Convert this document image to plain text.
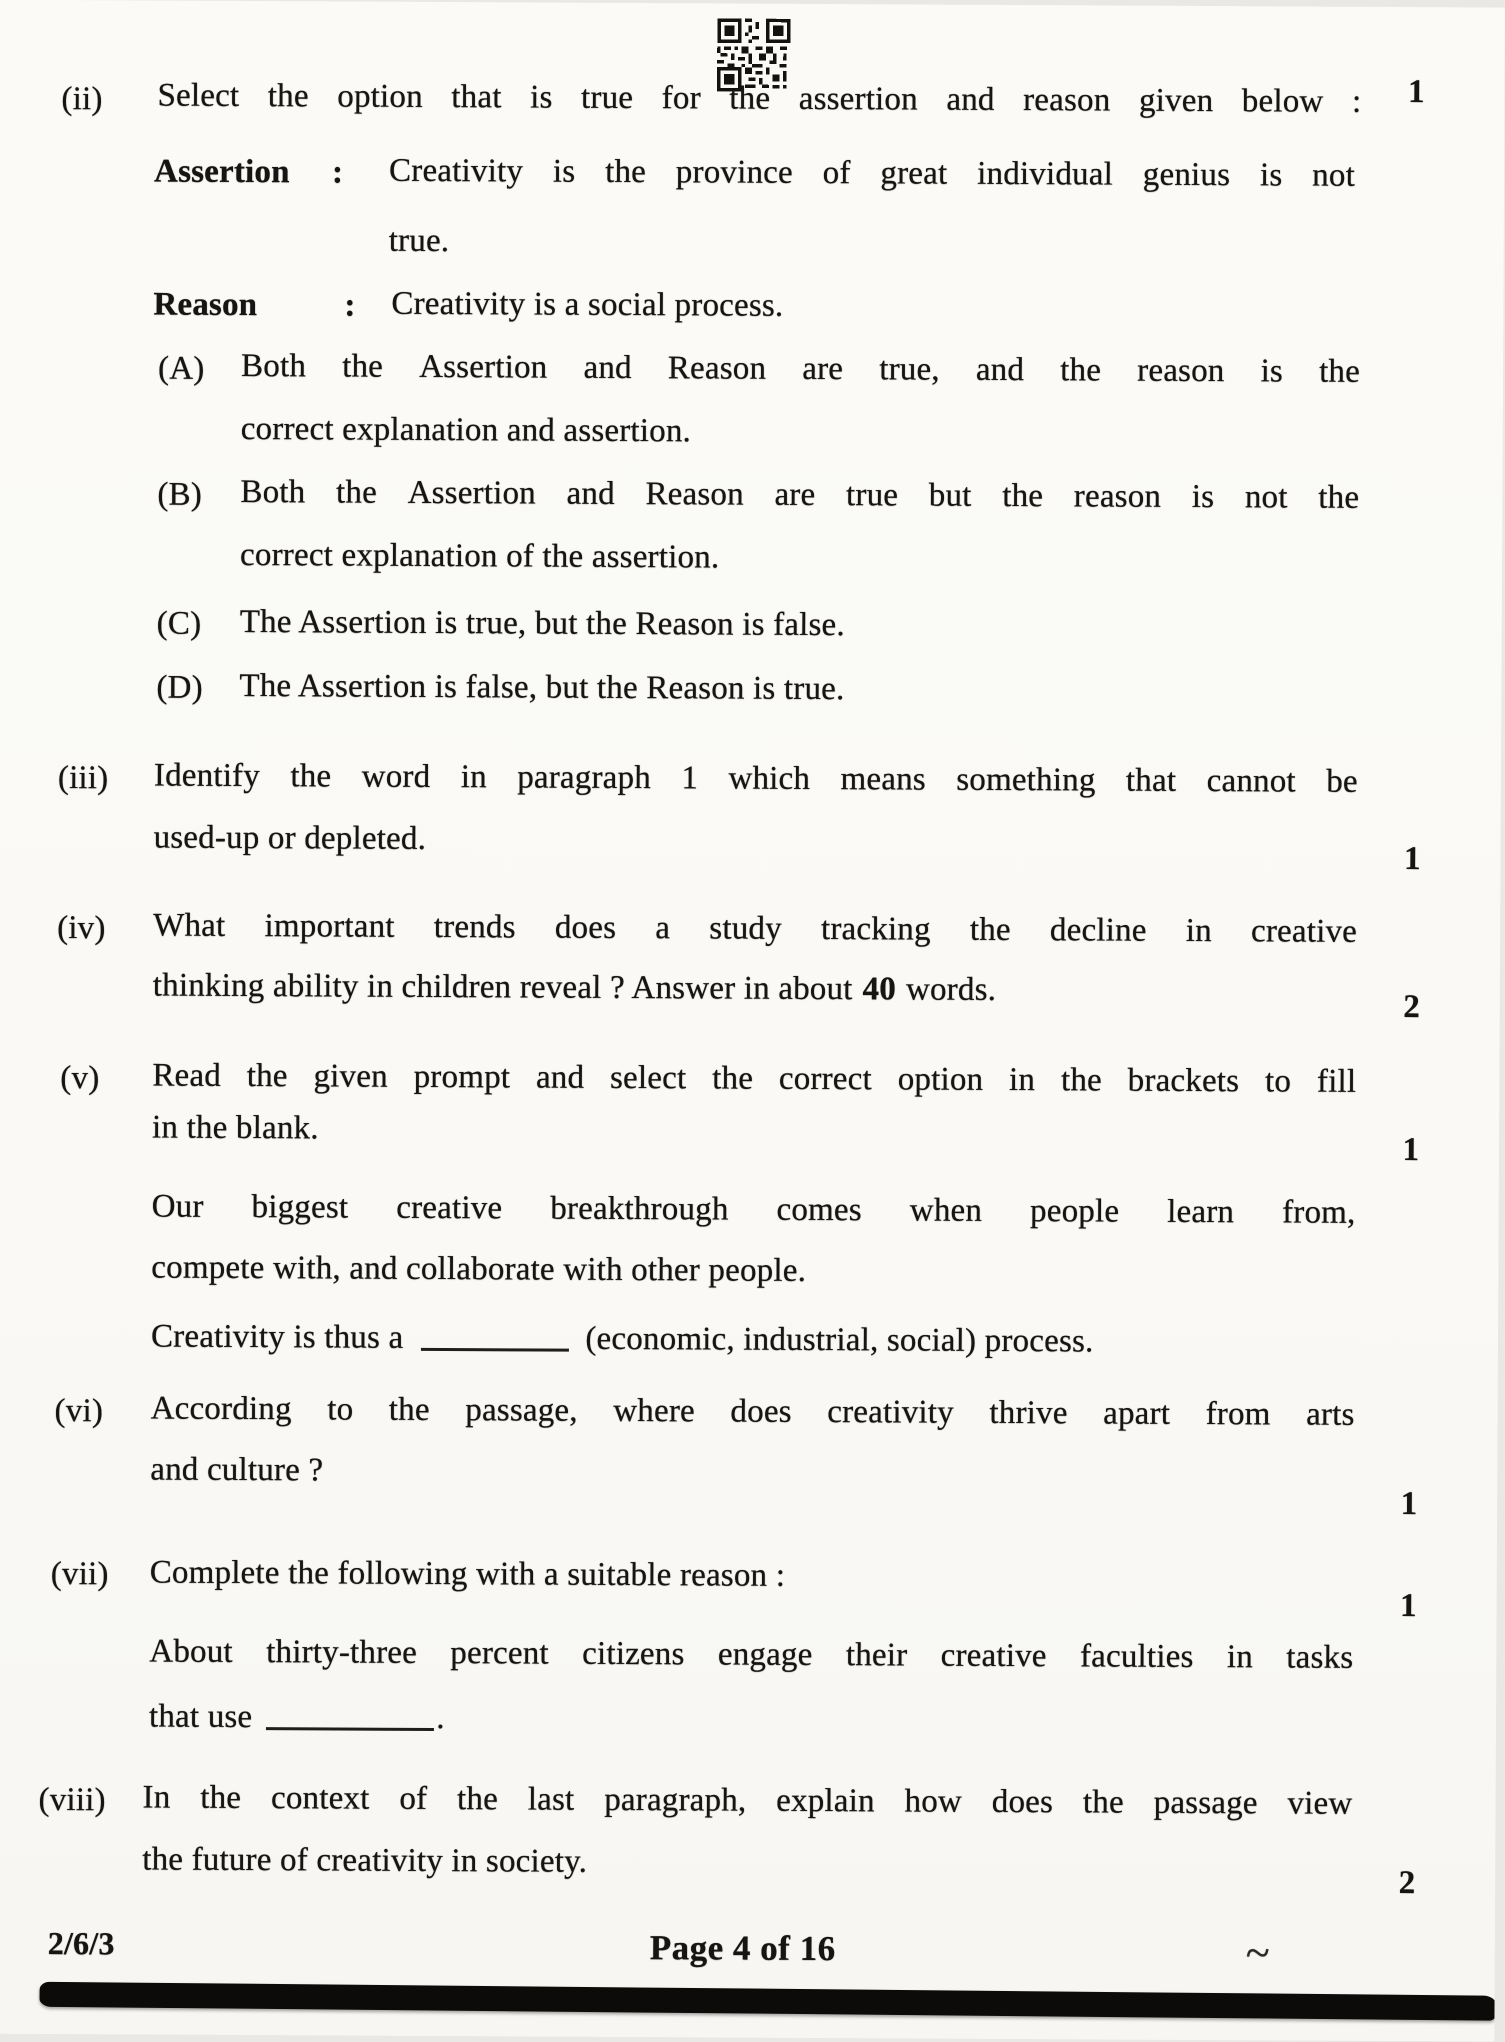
(ii) Select the option that is true for the assertion and reason given below :	1
Assertion : Creativity is the province of great individual genius is not
true.
Reason	: Creativity is a social process.
(A) Both the Assertion and Reason are true, and the reason is the
correct explanation and assertion.
(B) Both the Assertion and Reason are true but the reason is not the
correct explanation of the assertion.
(C) The Assertion is true, but the Reason is false.
(D) The Assertion is false, but the Reason is true.
(iii) Identify the word in paragraph 1 which means something that cannot be
used-up or depleted.
1
(iv) What important trends does a study tracking the decline in creative
thinking ability in children reveal ? Answer in about 40 words.	2
(v) Read the given prompt and select the correct option in the brackets to fill
in the blank.
1
Our biggest creative breakthrough comes when people learn from,
compete with, and collaborate with other people.
Creativity is thus a	(economic, industrial, social) process.
(vi) According to the passage, where does creativity thrive apart from arts
and culture ?
1
(vii) Complete the following with a suitable reason :
1
About thirty-three percent citizens engage their creative faculties in tasks
that use	.
(viii) In the context of the last paragraph, explain how does the passage view
the future of creativity in society.
2
2/6/3	Page 4 of 16	~
